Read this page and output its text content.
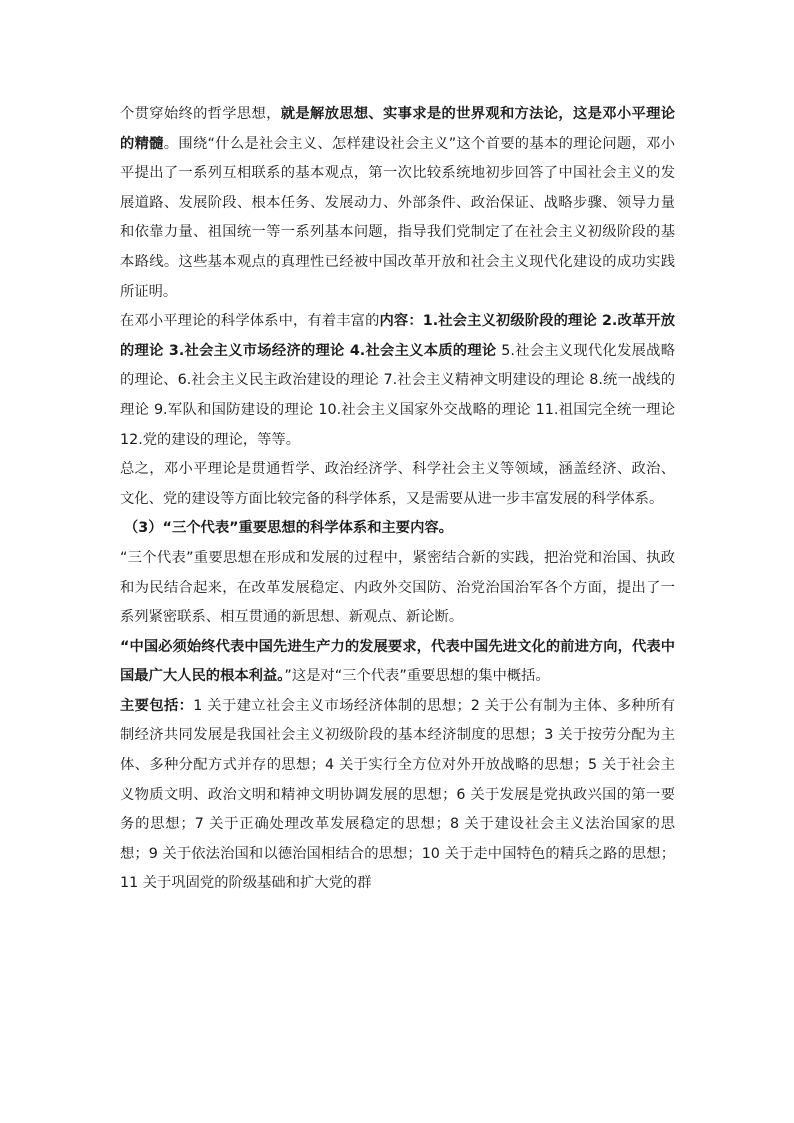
个贯穿始终的哲学思想，就是解放思想、实事求是的世界观和方法论，这是邓小平理论的精髓。围绕“什么是社会主义、怎样建设社会主义”这个首要的基本的理论问题，邓小平提出了一系列互相联系的基本观点，第一次比较系统地初步回答了中国社会主义的发展道路、发展阶段、根本任务、发展动力、外部条件、政治保证、战略步骤、领导力量和依靠力量、祖国统一等一系列基本问题，指导我们党制定了在社会主义初级阶段的基本路线。这些基本观点的真理性已经被中国改革开放和社会主义现代化建设的成功实践所证明。

在邓小平理论的科学体系中，有着丰富的内容：1.社会主义初级阶段的理论 2.改革开放的理论 3.社会主义市场经济的理论 4.社会主义本质的理论 5.社会主义现代化发展战略的理论、6.社会主义民主政治建设的理论 7.社会主义精神文明建设的理论 8.统一战线的理论 9.军队和国防建设的理论 10.社会主义国家外交战略的理论 11.祖国完全统一理论 12.党的建设的理论，等等。

总之，邓小平理论是贯通哲学、政治经济学、科学社会主义等领域，涵盖经济、政治、文化、党的建设等方面比较完备的科学体系，又是需要从进一步丰富发展的科学体系。

（3）“三个代表”重要思想的科学体系和主要内容。

“三个代表”重要思想在形成和发展的过程中，紧密结合新的实践，把治党和治国、执政和为民结合起来，在改革发展稳定、内政外交国防、治党治国治军各个方面，提出了一系列紧密联系、相互贯通的新思想、新观点、新论断。

“中国必须始终代表中国先进生产力的发展要求，代表中国先进文化的前进方向，代表中国最广大人民的根本利益。”这是对“三个代表”重要思想的集中概括。

主要包括：1 关于建立社会主义市场经济体制的思想；2 关于公有制为主体、多种所有制经济共同发展是我国社会主义初级阶段的基本经济制度的思想；3 关于按劳分配为主体、多种分配方式并存的思想；4 关于实行全方位对外开放战略的思想；5 关于社会主义物质文明、政治文明和精神文明协调发展的思想；6 关于发展是党执政兴国的第一要务的思想；7 关于正确处理改革发展稳定的思想；8 关于建设社会主义法治国家的思想；9 关于依法治国和以德治国相结合的思想；10 关于走中国特色的精兵之路的思想；11 关于巩固党的阶级基础和扩大党的群
